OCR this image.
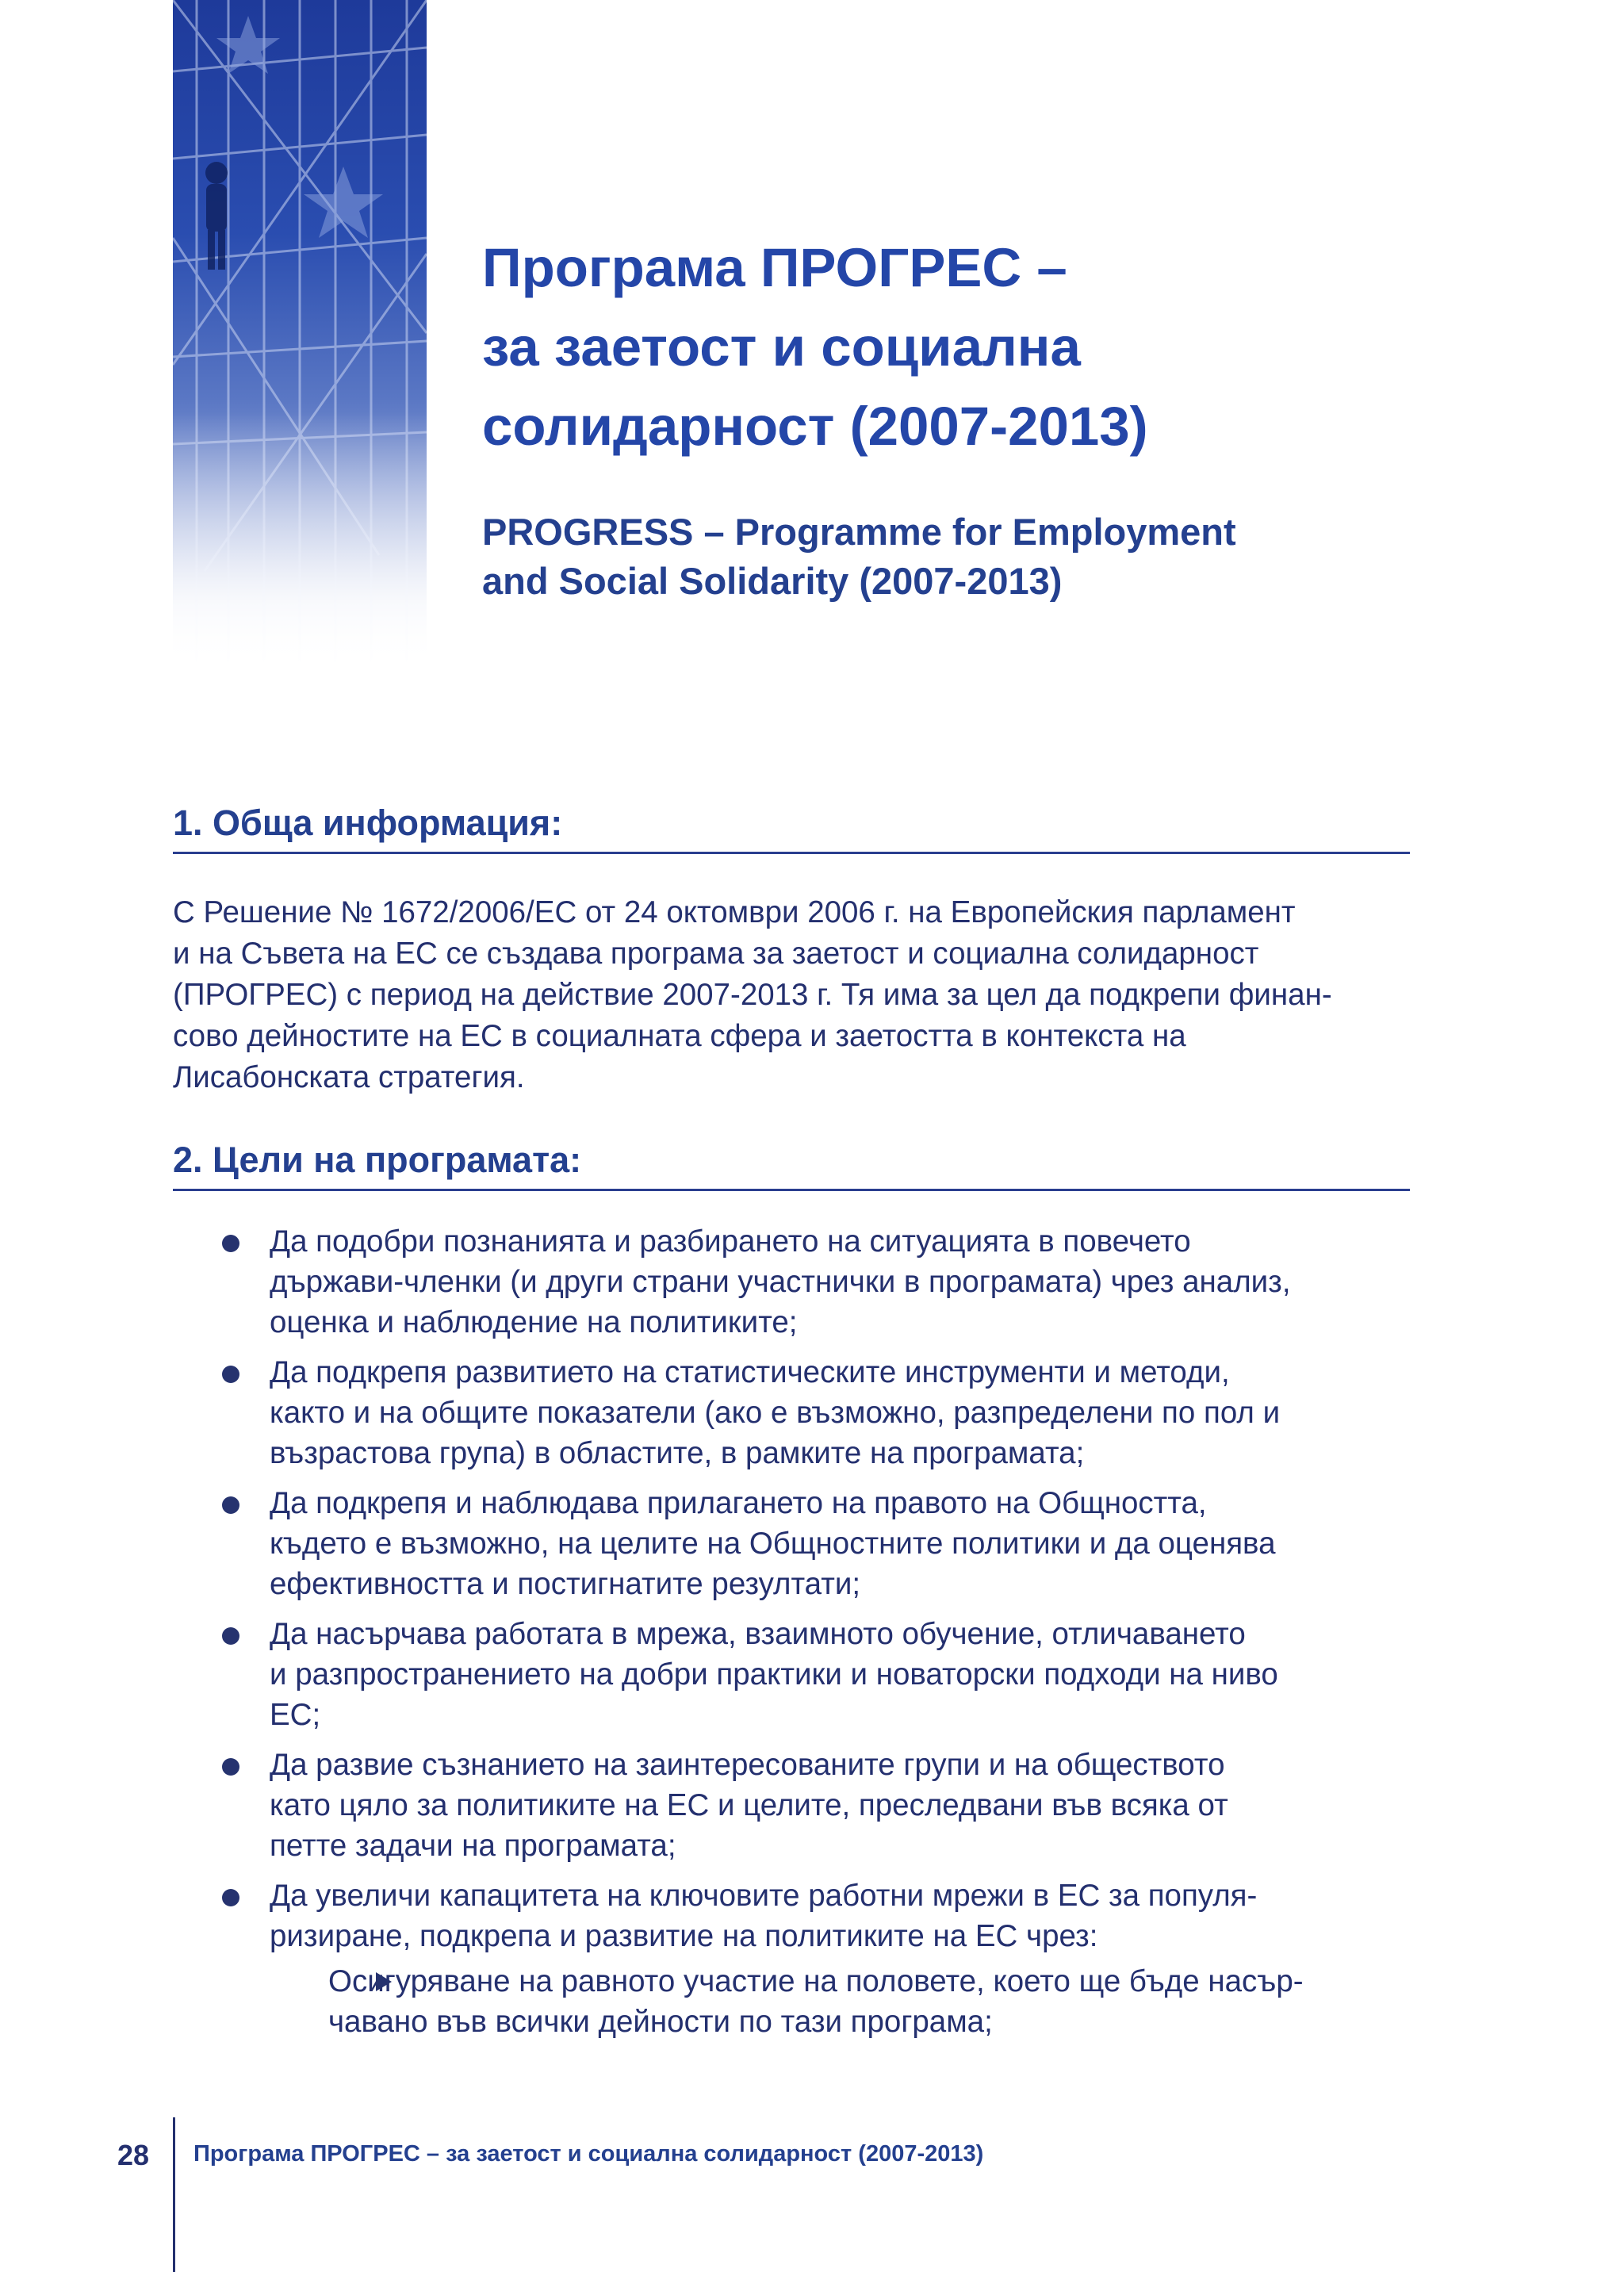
Програма ПРОГРЕС –
за заетост и социална
солидарност (2007-2013)
PROGRESS – Programme for Employment
and Social Solidarity (2007-2013)
1. Обща информация:
С Решение № 1672/2006/ЕС от 24 октомври 2006 г. на Европейския парламент
и на Съвета на ЕС се създава програма за заетост и социална солидарност
(ПРОГРЕС) с период на действие 2007-2013 г. Тя има за цел да подкрепи финан-
сово дейностите на ЕС в социалната сфера и заетостта в контекста на
Лисабонската стратегия.
2. Цели на програмата:
Да подобри познанията и разбирането на ситуацията в повечето
държави-членки (и други страни участнички в програмата) чрез анализ,
оценка и наблюдение на политиките;
Да подкрепя развитието на статистическите инструменти и методи,
както и на общите показатели (ако е възможно, разпределени по пол и
възрастова група) в областите, в рамките на програмата;
Да подкрепя и наблюдава прилагането на правото на Общността,
където е възможно, на целите на Общностните политики и да оценява
ефективността и постигнатите резултати;
Да насърчава работата в мрежа, взаимното обучение, отличаването
и разпространението на добри практики и новаторски подходи на ниво
ЕС;
Да развие съзнанието на заинтересованите групи и на обществото
като цяло за политиките на ЕС и целите, преследвани във всяка от
петте задачи на програмата;
Да увеличи капацитета на ключовите работни мрежи в ЕС за популя-
ризиране, подкрепа и развитие на политиките на ЕС чрез:
Осигуряване на равното участие на половете, което ще бъде насър-
чавано във всички дейности по тази програма;
28 Програма ПРОГРЕС – за заетост и социална солидарност (2007-2013)
